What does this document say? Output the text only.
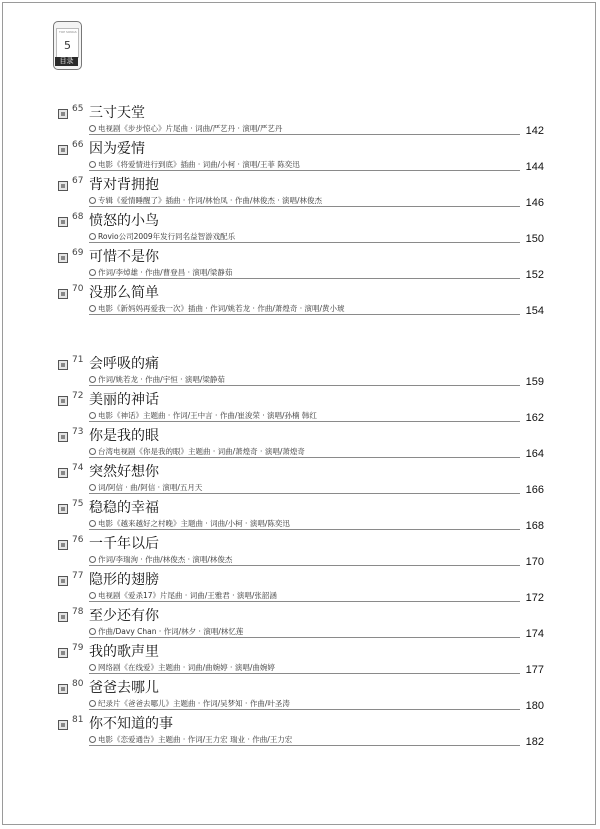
TOP SONGS
5
目录
65 三寸天堂
电视剧《步步惊心》片尾曲 · 词曲/严艺丹 · 演唱/严艺丹	142
66 因为爱情
电影《将爱情进行到底》插曲 · 词曲/小柯 · 演唱/王菲 陈奕迅	144
67 背对背拥抱
专辑《爱情睡醒了》插曲 · 作词/林怡凤 · 作曲/林俊杰 · 演唱/林俊杰	146
68 愤怒的小鸟
Rovio公司2009年发行同名益智游戏配乐	150
69 可惜不是你
作词/李焯雄 · 作曲/曹登昌 · 演唱/梁静茹	152
70 没那么简单
电影《新妈妈再爱我一次》插曲 · 作词/姚若龙 · 作曲/萧煌奇 · 演唱/黄小琥	154
71 会呼吸的痛
作词/姚若龙 · 作曲/宇恒 · 演唱/梁静茹	159
72 美丽的神话
电影《神话》主题曲 · 作词/王中言 · 作曲/崔浚荣 · 演唱/孙楠 韩红	162
73 你是我的眼
台湾电视剧《你是我的眼》主题曲 · 词曲/萧煌奇 · 演唱/萧煌奇	164
74 突然好想你
词/阿信 · 曲/阿信 · 演唱/五月天	166
75 稳稳的幸福
电影《越来越好之村晚》主题曲 · 词曲/小柯 · 演唱/陈奕迅	168
76 一千年以后
作词/李瑞洵 · 作曲/林俊杰 · 演唱/林俊杰	170
77 隐形的翅膀
电视剧《爱杀17》片尾曲 · 词曲/王雅君 · 演唱/张韶涵	172
78 至少还有你
作曲/Davy Chan · 作词/林夕 · 演唱/林忆莲	174
79 我的歌声里
网络剧《在线爱》主题曲 · 词曲/曲婉婷 · 演唱/曲婉婷	177
80 爸爸去哪儿
纪录片《爸爸去哪儿》主题曲 · 作词/吴梦知 · 作曲/叶圣涛	180
81 你不知道的事
电影《恋爱通告》主题曲 · 作词/王力宏 瑞业 · 作曲/王力宏	182
